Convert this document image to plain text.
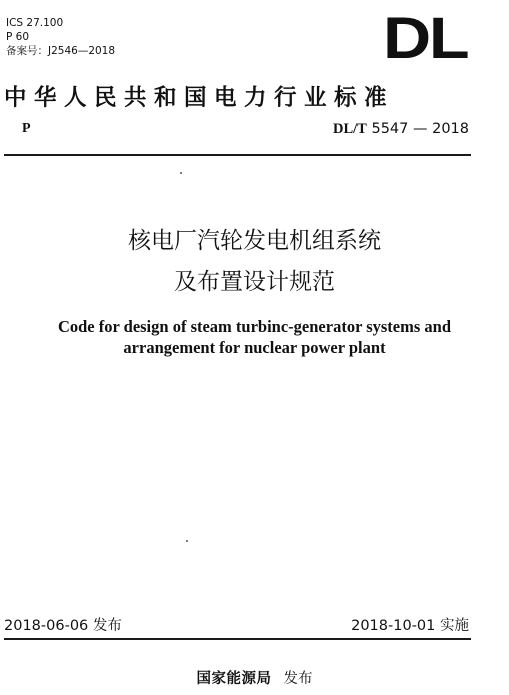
ICS 27.100
P 60
备案号：J2546—2018	DL
中华人民共和国电力行业标准
P	DL/T 5547 — 2018
核电厂汽轮发电机组系统
及布置设计规范
Code for design of steam turbinc-generator systems and
arrangement for nuclear power plant
2018-06-06 发布	2018-10-01 实施
国家能源局 发布
